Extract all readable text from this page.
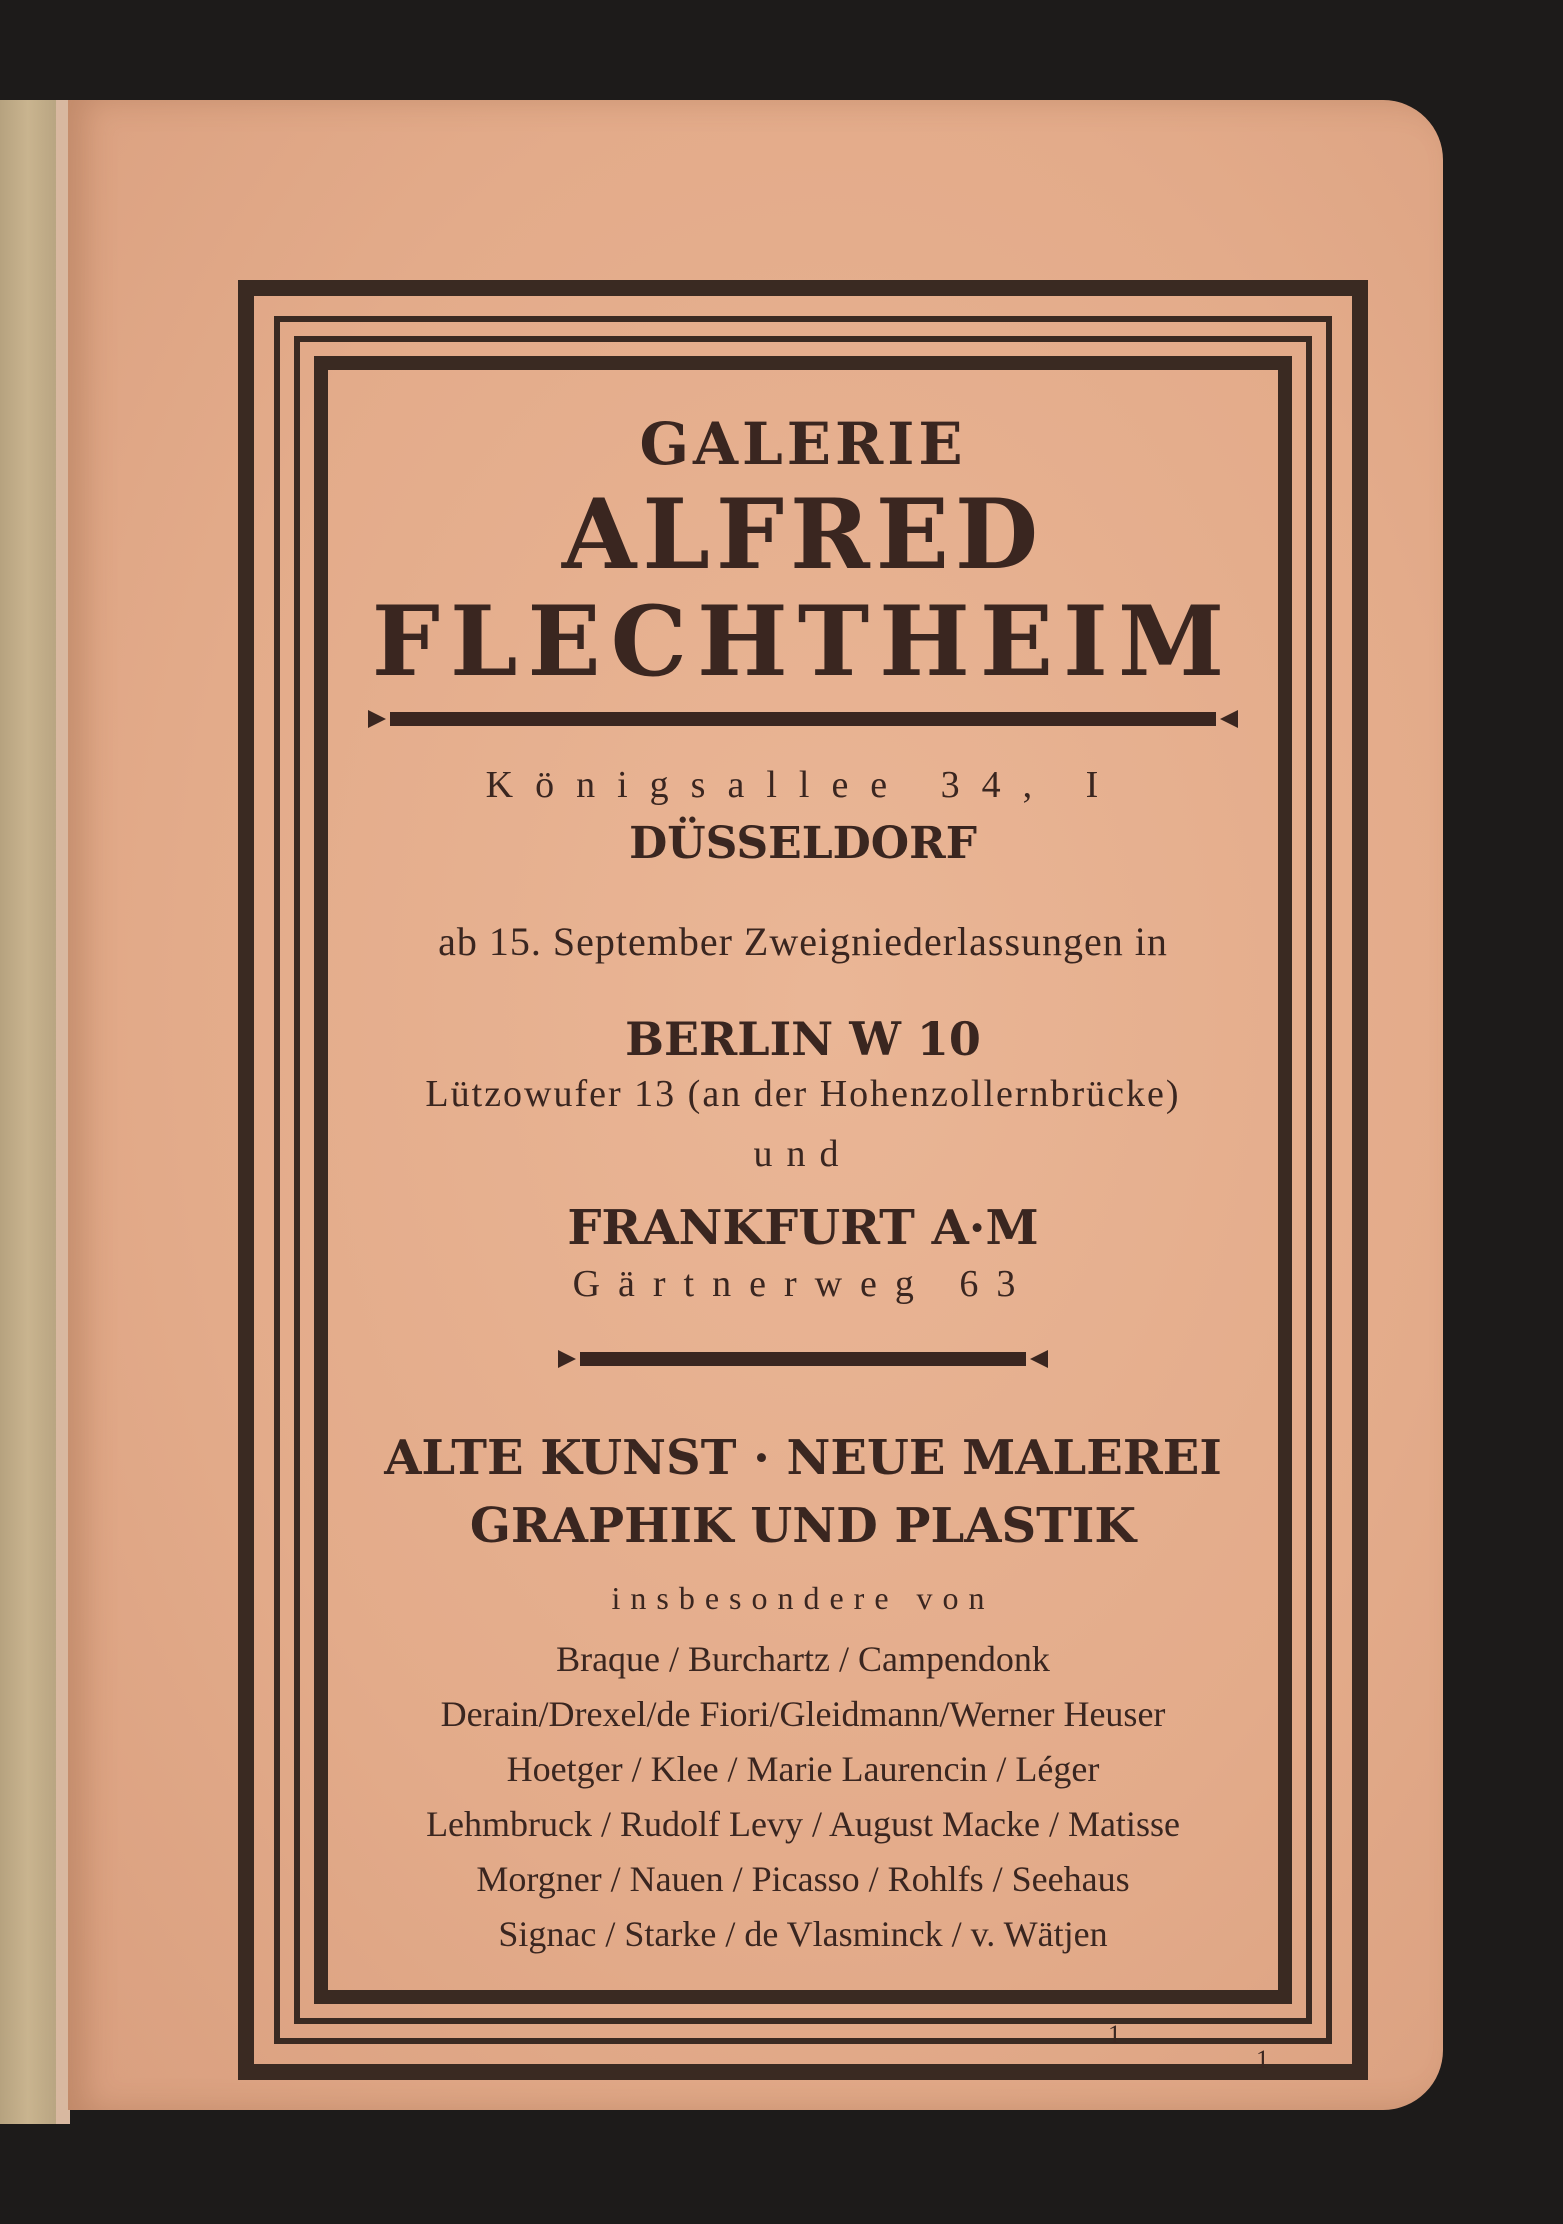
GALERIE
ALFRED
FLECHTHEIM
Königsallee 34, I
DÜSSELDORF
ab 15. September Zweigniederlassungen in
BERLIN W 10
Lützowufer 13 (an der Hohenzollernbrücke)
und
FRANKFURT A·M
Gärtnerweg 63
ALTE KUNST · NEUE MALEREI
GRAPHIK UND PLASTIK
insbesondere von
Braque / Burchartz / Campendonk
Derain/Drexel/de Fiori/Gleidmann/Werner Heuser
Hoetger / Klee / Marie Laurencin / Léger
Lehmbruck / Rudolf Levy / August Macke / Matisse
Morgner / Nauen / Picasso / Rohlfs / Seehaus
Signac / Starke / de Vlasminck / v. Wätjen
1
1
